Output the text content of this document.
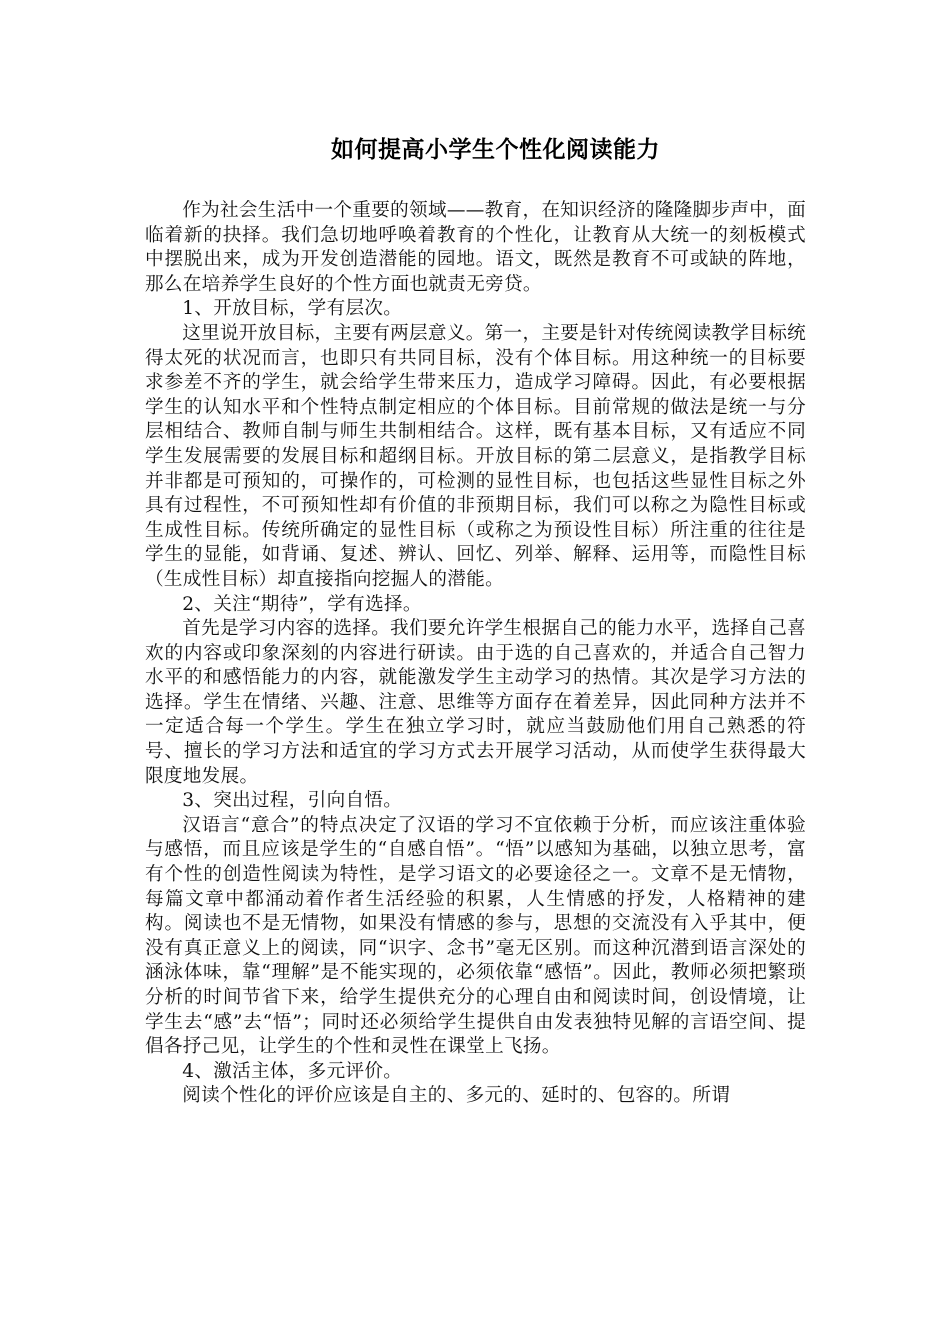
如何提高小学生个性化阅读能力

作为社会生活中一个重要的领域——教育，在知识经济的隆隆脚步声中，面临着新的抉择。我们急切地呼唤着教育的个性化，让教育从大统一的刻板模式中摆脱出来，成为开发创造潜能的园地。语文，既然是教育不可或缺的阵地，那么在培养学生良好的个性方面也就责无旁贷。

1、开放目标，学有层次。

这里说开放目标，主要有两层意义。第一，主要是针对传统阅读教学目标统得太死的状况而言，也即只有共同目标，没有个体目标。用这种统一的目标要求参差不齐的学生，就会给学生带来压力，造成学习障碍。因此，有必要根据学生的认知水平和个性特点制定相应的个体目标。目前常规的做法是统一与分层相结合、教师自制与师生共制相结合。这样，既有基本目标，又有适应不同学生发展需要的发展目标和超纲目标。开放目标的第二层意义，是指教学目标并非都是可预知的，可操作的，可检测的显性目标，也包括这些显性目标之外具有过程性，不可预知性却有价值的非预期目标，我们可以称之为隐性目标或生成性目标。传统所确定的显性目标（或称之为预设性目标）所注重的往往是学生的显能，如背诵、复述、辨认、回忆、列举、解释、运用等，而隐性目标（生成性目标）却直接指向挖掘人的潜能。

2、关注“期待”，学有选择。

首先是学习内容的选择。我们要允许学生根据自己的能力水平，选择自己喜欢的内容或印象深刻的内容进行研读。由于选的自己喜欢的，并适合自己智力水平的和感悟能力的内容，就能激发学生主动学习的热情。其次是学习方法的选择。学生在情绪、兴趣、注意、思维等方面存在着差异，因此同种方法并不一定适合每一个学生。学生在独立学习时，就应当鼓励他们用自己熟悉的符号、擅长的学习方法和适宜的学习方式去开展学习活动，从而使学生获得最大限度地发展。

3、突出过程，引向自悟。

汉语言“意合”的特点决定了汉语的学习不宜依赖于分析，而应该注重体验与感悟，而且应该是学生的“自感自悟”。“悟”以感知为基础，以独立思考，富有个性的创造性阅读为特性，是学习语文的必要途径之一。文章不是无情物，每篇文章中都涌动着作者生活经验的积累，人生情感的抒发，人格精神的建构。阅读也不是无情物，如果没有情感的参与，思想的交流没有入乎其中，便没有真正意义上的阅读，同“识字、念书”毫无区别。而这种沉潜到语言深处的涵泳体味，靠“理解”是不能实现的，必须依靠“感悟”。因此，教师必须把繁琐分析的时间节省下来，给学生提供充分的心理自由和阅读时间，创设情境，让学生去“感”去“悟”；同时还必须给学生提供自由发表独特见解的言语空间、提倡各抒己见，让学生的个性和灵性在课堂上飞扬。

4、激活主体，多元评价。

阅读个性化的评价应该是自主的、多元的、延时的、包容的。所谓
